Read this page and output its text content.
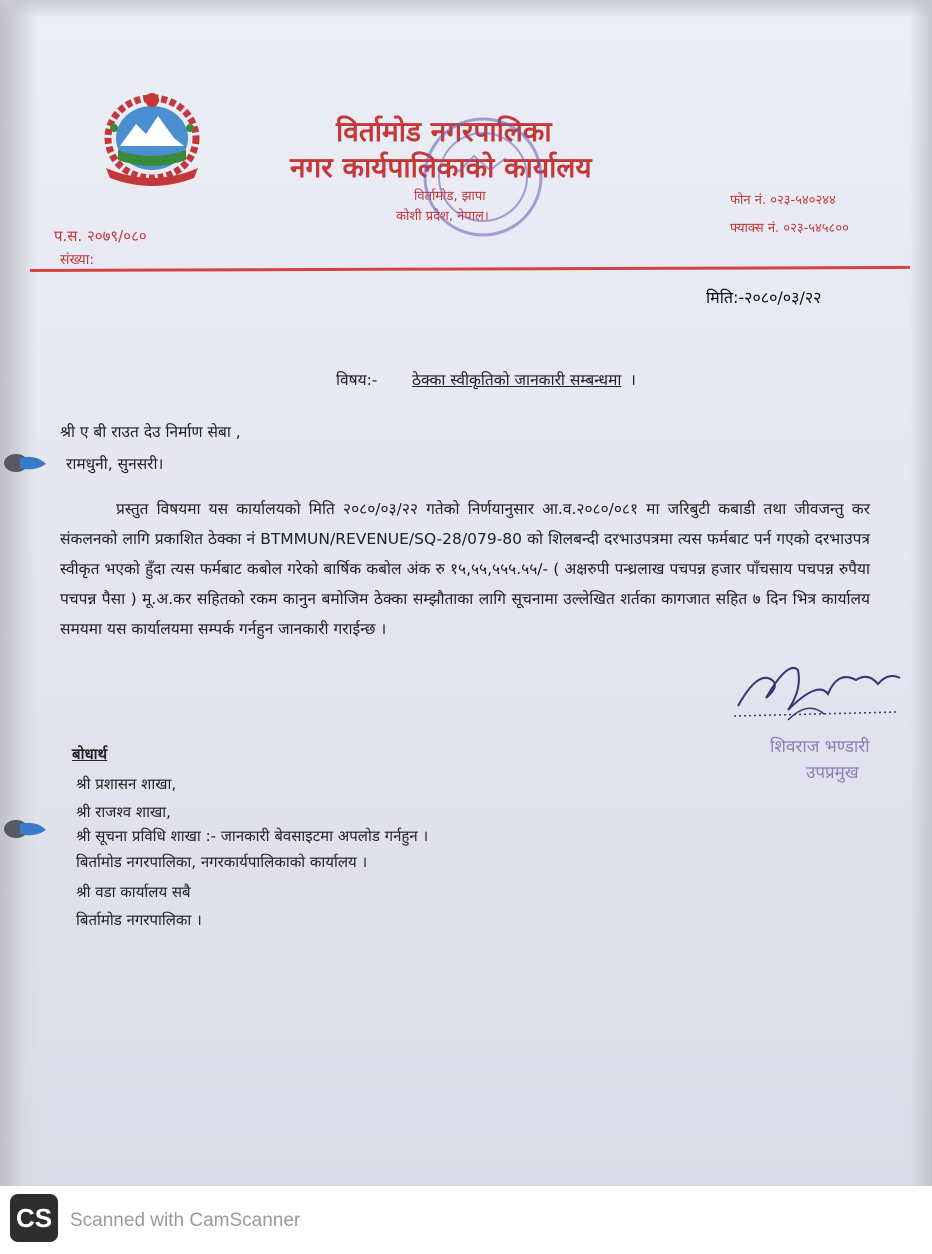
विर्तामोड नगरपालिका
नगर कार्यपालिकाको कार्यालय
विर्तामोड, झापा
कोशी प्रदेश, नेपाल।
प.स. २०७९/०८०
संख्या:
फोन नं. ०२३-५४०२४४
फ्याक्स नं. ०२३-५४५८००
मिति:-२०८०/०३/२२
विषय:- ठेक्का स्वीकृतिको जानकारी सम्बन्धमा ।
श्री ए बी राउत देउ निर्माण सेबा ,
रामधुनी, सुनसरी।
प्रस्तुत विषयमा यस कार्यालयको मिति २०८०/०३/२२ गतेको निर्णयानुसार आ.व.२०८०/०८१ मा जरिबुटी कबाडी तथा जीवजन्तु कर संकलनको लागि प्रकाशित ठेक्का नं BTMMUN/REVENUE/SQ-28/079-80 को शिलबन्दी दरभाउपत्रमा त्यस फर्मबाट पर्न गएको दरभाउपत्र स्वीकृत भएको हुँदा त्यस फर्मबाट कबोल गरेको बार्षिक कबोल अंक रु १५,५५,५५५.५५/- ( अक्षरुपी पन्ध्रलाख पचपन्न हजार पाँचसाय पचपन्न रुपैया पचपन्न पैसा ) मू.अ.कर सहितको रकम कानुन बमोजिम ठेक्का सम्झौताका लागि सूचनामा उल्लेखित शर्तका कागजात सहित ७ दिन भित्र कार्यालय समयमा यस कार्यालयमा सम्पर्क गर्नहुन जानकारी गराईन्छ ।
शिवराज भण्डारी
उपप्रमुख
बोधार्थ
श्री प्रशासन शाखा,
श्री राजश्व शाखा,
श्री सूचना प्रविधि शाखा :- जानकारी बेवसाइटमा अपलोड गर्नहुन ।
बिर्तामोड नगरपालिका, नगरकार्यपालिकाको कार्यालय ।
श्री वडा कार्यालय सबै
बिर्तामोड नगरपालिका ।
CS Scanned with CamScanner
